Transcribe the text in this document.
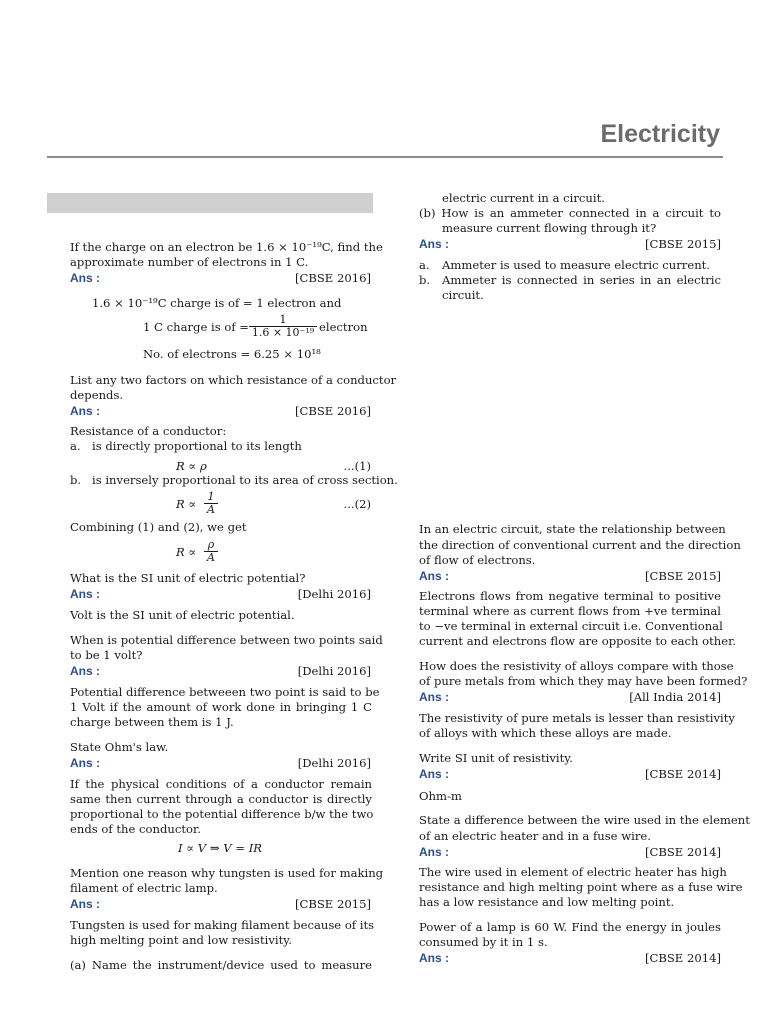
Electricity
If the charge on an electron be 1.6 × 10⁻¹⁹C, find the
approximate number of electrons in 1 C.
Ans :	[CBSE 2016]
1.6 × 10⁻¹⁹C charge is of = 1 electron and
1 C charge is of = $\frac{1}{\text{1.6 × 10⁻¹⁹}}$ electron
No. of electrons = 6.25 × 10¹⁸
List any two factors on which resistance of a conductor
depends.
Ans :	[CBSE 2016]
Resistance of a conductor:
a. is directly proportional to its length
R ∝ ρ	...(1)
b. is inversely proportional to its area of cross section.
$R \propto \frac{1}{A}$	...(2)
Combining (1) and (2), we get
$R \propto \frac{\rho}{A}$
What is the SI unit of electric potential?
Ans :	[Delhi 2016]
Volt is the SI unit of electric potential.
When is potential difference between two points said
to be 1 volt?
Ans :	[Delhi 2016]
Potential difference betweeen two point is said to be
1 Volt if the amount of work done in bringing 1 C
charge between them is 1 J.
State Ohm's law.
Ans :	[Delhi 2016]
If the physical conditions of a conductor remain
same then current through a conductor is directly
proportional to the potential difference b/w the two
ends of the conductor.
I ∝ V ⇒ V = IR
Mention one reason why tungsten is used for making
filament of electric lamp.
Ans :	[CBSE 2015]
Tungsten is used for making filament because of its
high melting point and low resistivity.
(a) Name the instrument/device used to measure
electric current in a circuit.
(b) How is an ammeter connected in a circuit to
measure current flowing through it?
Ans :	[CBSE 2015]
a. Ammeter is used to measure electric current.
b. Ammeter is connected in series in an electric
circuit.
In an electric circuit, state the relationship between
the direction of conventional current and the direction
of flow of electrons.
Ans :	[CBSE 2015]
Electrons flows from negative terminal to positive
terminal where as current flows from +ve terminal
to −ve terminal in external circuit i.e. Conventional
current and electrons flow are opposite to each other.
How does the resistivity of alloys compare with those
of pure metals from which they may have been formed?
Ans :	[All India 2014]
The resistivity of pure metals is lesser than resistivity
of alloys with which these alloys are made.
Write SI unit of resistivity.
Ans :	[CBSE 2014]
Ohm-m
State a difference between the wire used in the element
of an electric heater and in a fuse wire.
Ans :	[CBSE 2014]
The wire used in element of electric heater has high
resistance and high melting point where as a fuse wire
has a low resistance and low melting point.
Power of a lamp is 60 W. Find the energy in joules
consumed by it in 1 s.
Ans :	[CBSE 2014]
